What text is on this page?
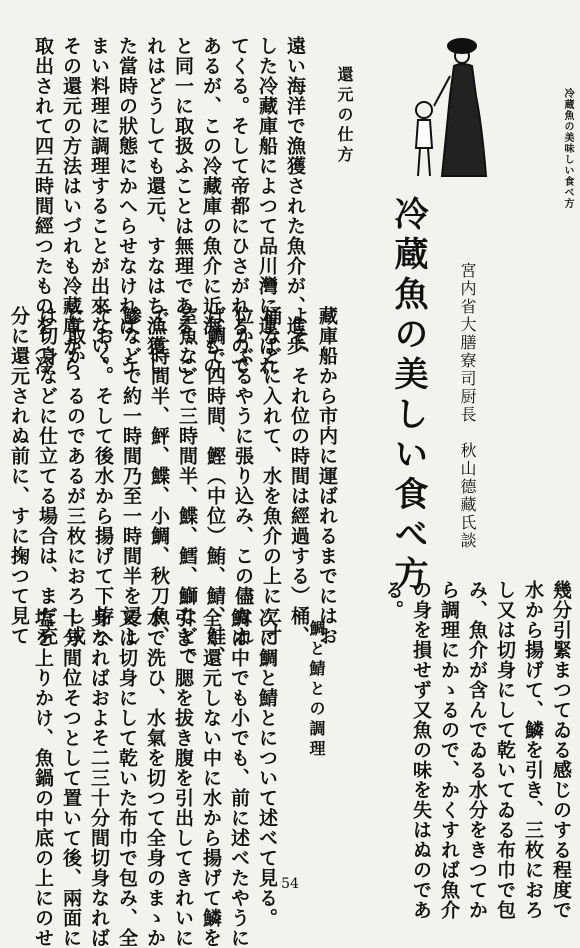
冷蔵魚の美味しい食べ方
冷蔵魚の美しい食べ方 宮内省大膳寮司厨長　秋山德藏氏談
還元の仕方
遠い海洋で漁獲された魚介が、進歩
した冷藏庫船によつて品川灣に運ばれ
てくる。そして帝都にひさがれるので
あるが、この冷藏庫の魚介に近海もの
と同一に取扱ふことは無理である。こ
れはどうしても還元、すなはち漁獲し
た當時の狀態にかへらせなければ、う
まい料理に調理することが出來ない。
その還元の方法はいづれも冷藏庫から
取出されて四五時間經つたものを（冷
藏庫船から市内に運ばれるまでにはお
よそ、それ位の時間は經過する）桶、
桶などに入れて、水を魚介の上に二寸
位かぶるやうに張り込み、この儘なれ
ば鯛で四時間、鰹（中位）鮪、鯖、鮭、
室魚などで三時間半、鰈、鱈、鰤などで
で二時間半、鮃、鰈、小鯛、秋刀魚、
鯵などで約一時間乃至一時間半を浸し
ておく。そして後水から揚げて下拵へ
に取かゝるのであるが三枚におろし或
は切身などに仕立てる場合は、まだ充
分に還元されぬ前に、すに掬つて見て
幾分引緊まつてゐる感じのする程度で
水から揚げて、鱗を引き、三枚におろ
し又は切身にして乾いてゐる布巾で包
み、魚介が含んでゐる水分をきつてか
ら調理にかゝるので、かくすれば魚介
の身を損せず又魚の味を失はぬのであ
る。
鯛と鯖との調理
次に鯛と鯖とについて述べて見る。
鯛は中でも小でも、前に述べたやうに
全く還元しない中に水から揚げて鱗を
引き、腮を拔き腹を引出してきれいに
水で洗ひ、水氣を切つて全身のまゝか
又は切身にして乾いた布巾で包み、全
身なればおよそ二三十分間切身なれば
十分間位そつとして置いて後、兩面に
塩を上りかけ、魚鍋の中底の上にのせ	54
